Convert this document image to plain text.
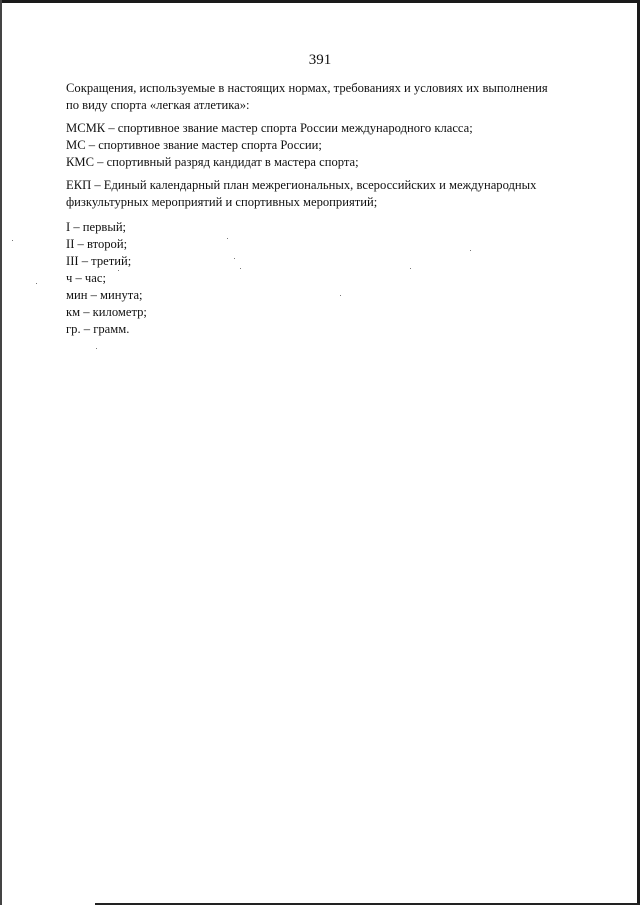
391

Сокращения, используемые в настоящих нормах, требованиях и условиях их выполнения по виду спорта «легкая атлетика»:

МСМК – спортивное звание мастер спорта России международного класса;

МС – спортивное звание мастер спорта России;

КМС – спортивный разряд кандидат в мастера спорта;

ЕКП – Единый календарный план межрегиональных, всероссийских и международных физкультурных мероприятий и спортивных мероприятий;

I – первый;

II – второй;

III – третий;

ч – час;

мин – минута;

км – километр;

гр. – грамм.
